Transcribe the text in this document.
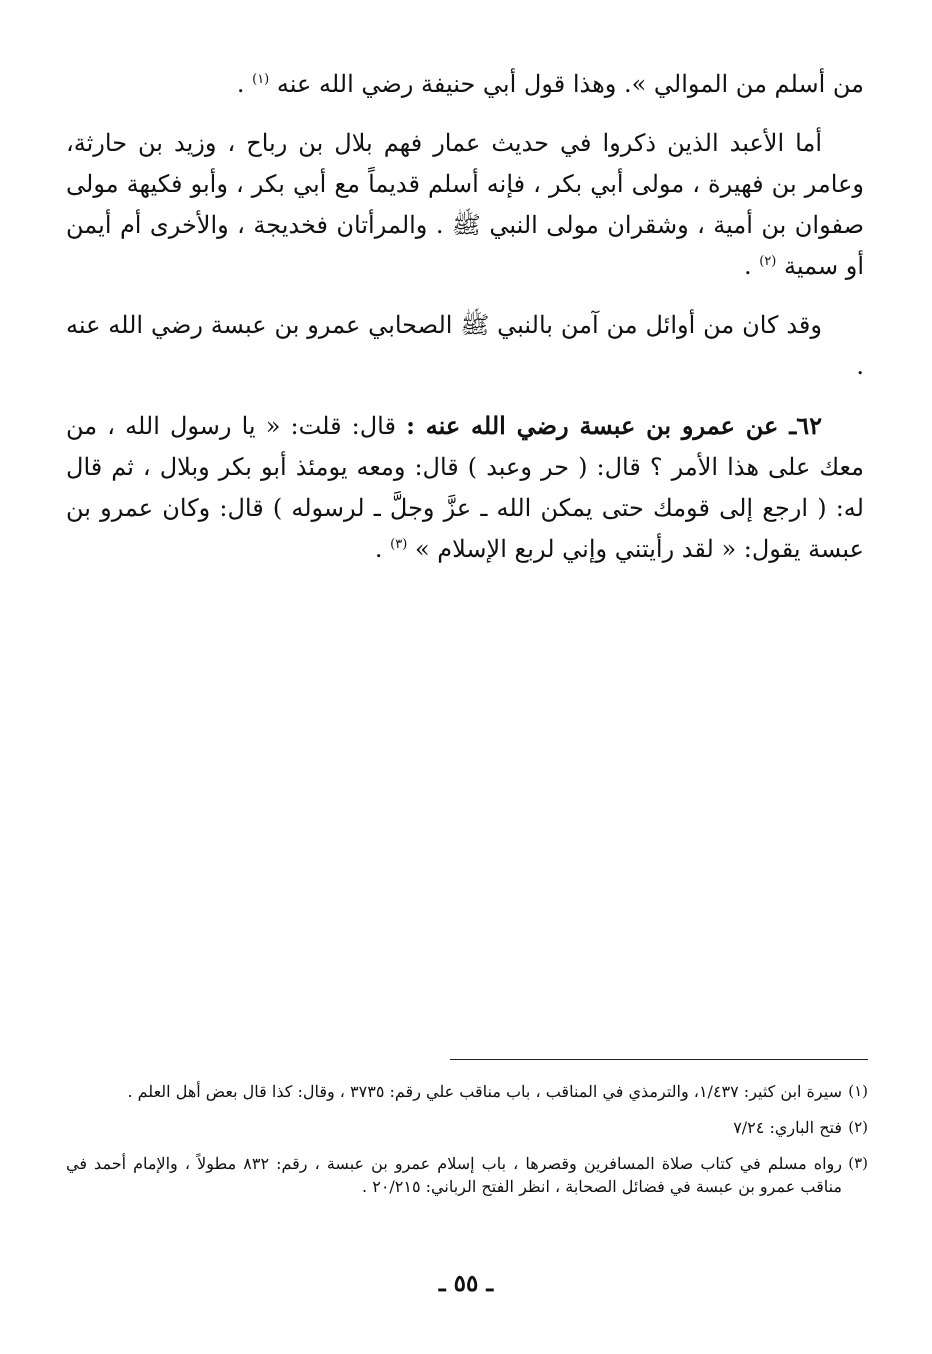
من أسلم من الموالي ». وهذا قول أبي حنيفة رضي الله عنه $^{(١)}$ .

أما الأعبد الذين ذكروا في حديث عمار فهم بلال بن رباح ، وزيد بن حارثة، وعامر بن فهيرة ، مولى أبي بكر ، فإنه أسلم قديماً مع أبي بكر ، وأبو فكيهة مولى صفوان بن أمية ، وشقران مولى النبي ﷺ . والمرأتان فخديجة ، والأخرى أم أيمن أو سمية $^{(٢)}$ .

وقد كان من أوائل من آمن بالنبي ﷺ الصحابي عمرو بن عبسة رضي الله عنه .

٦٢ـ عن عمرو بن عبسة رضي الله عنه : قال: قلت: « يا رسول الله ، من معك على هذا الأمر ؟ قال: ( حر وعبد ) قال: ومعه يومئذ أبو بكر وبلال ، ثم قال له: ( ارجع إلى قومك حتى يمكن الله ـ عزَّ وجلَّ ـ لرسوله ) قال: وكان عمرو بن عبسة يقول: « لقد رأيتني وإني لربع الإسلام » $^{(٣)}$ .

(١)
سيرة ابن كثير: ١/٤٣٧، والترمذي في المناقب ، باب مناقب علي رقم: ٣٧٣٥ ، وقال: كذا قال بعض أهل العلم .
(٢)
فتح الباري: ٧/٢٤
(٣)
رواه مسلم في كتاب صلاة المسافرين وقصرها ، باب إسلام عمرو بن عبسة ، رقم: ٨٣٢ مطولاً ، والإمام أحمد في مناقب عمرو بن عبسة في فضائل الصحابة ، انظر الفتح الرباني: ٢٠/٢١٥ .
ـ ٥٥ ـ
